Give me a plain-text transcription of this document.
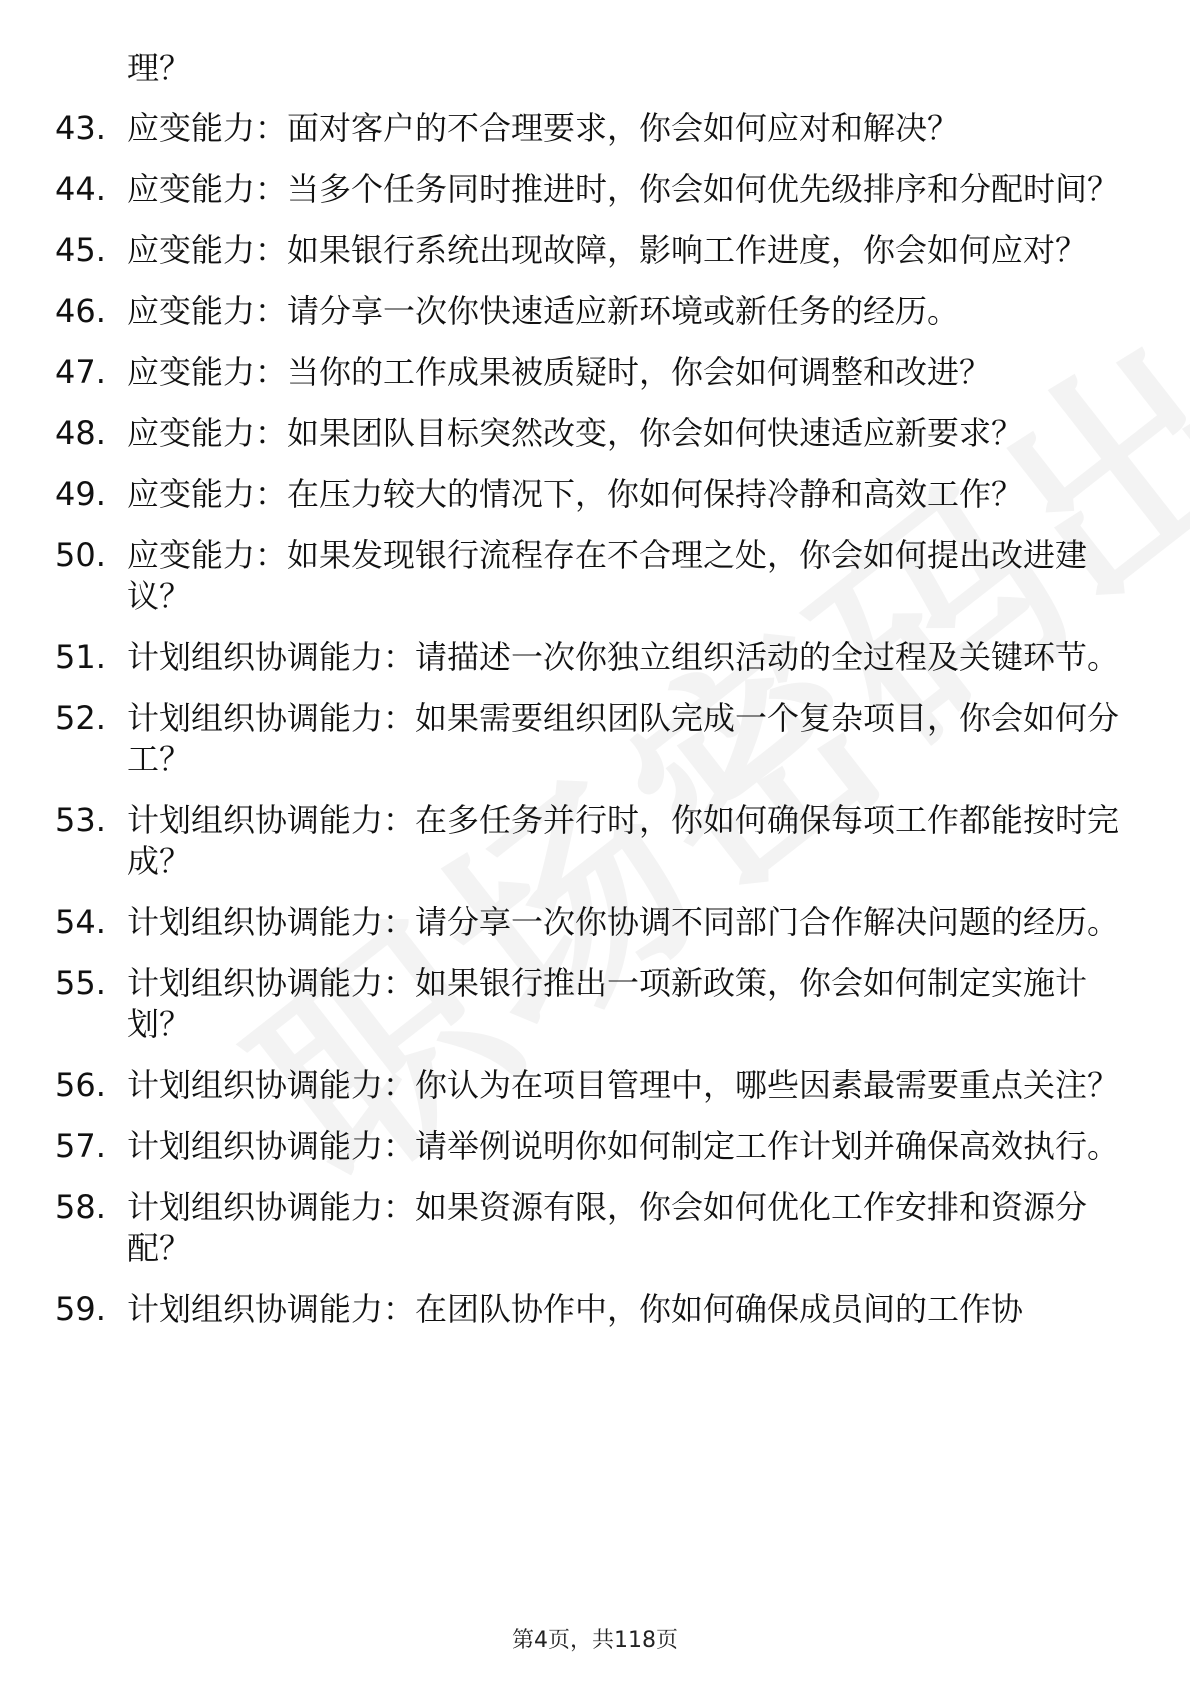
理？
43. 应变能力：面对客户的不合理要求，你会如何应对和解决？
44. 应变能力：当多个任务同时推进时，你会如何优先级排序和分配时间？
45. 应变能力：如果银行系统出现故障，影响工作进度，你会如何应对？
46. 应变能力：请分享一次你快速适应新环境或新任务的经历。
47. 应变能力：当你的工作成果被质疑时，你会如何调整和改进？
48. 应变能力：如果团队目标突然改变，你会如何快速适应新要求？
49. 应变能力：在压力较大的情况下，你如何保持冷静和高效工作？
50. 应变能力：如果发现银行流程存在不合理之处，你会如何提出改进建议？
51. 计划组织协调能力：请描述一次你独立组织活动的全过程及关键环节。
52. 计划组织协调能力：如果需要组织团队完成一个复杂项目，你会如何分工？
53. 计划组织协调能力：在多任务并行时，你如何确保每项工作都能按时完成？
54. 计划组织协调能力：请分享一次你协调不同部门合作解决问题的经历。
55. 计划组织协调能力：如果银行推出一项新政策，你会如何制定实施计划？
56. 计划组织协调能力：你认为在项目管理中，哪些因素最需要重点关注？
57. 计划组织协调能力：请举例说明你如何制定工作计划并确保高效执行。
58. 计划组织协调能力：如果资源有限，你会如何优化工作安排和资源分配？
59. 计划组织协调能力：在团队协作中，你如何确保成员间的工作协
第4页，共118页
